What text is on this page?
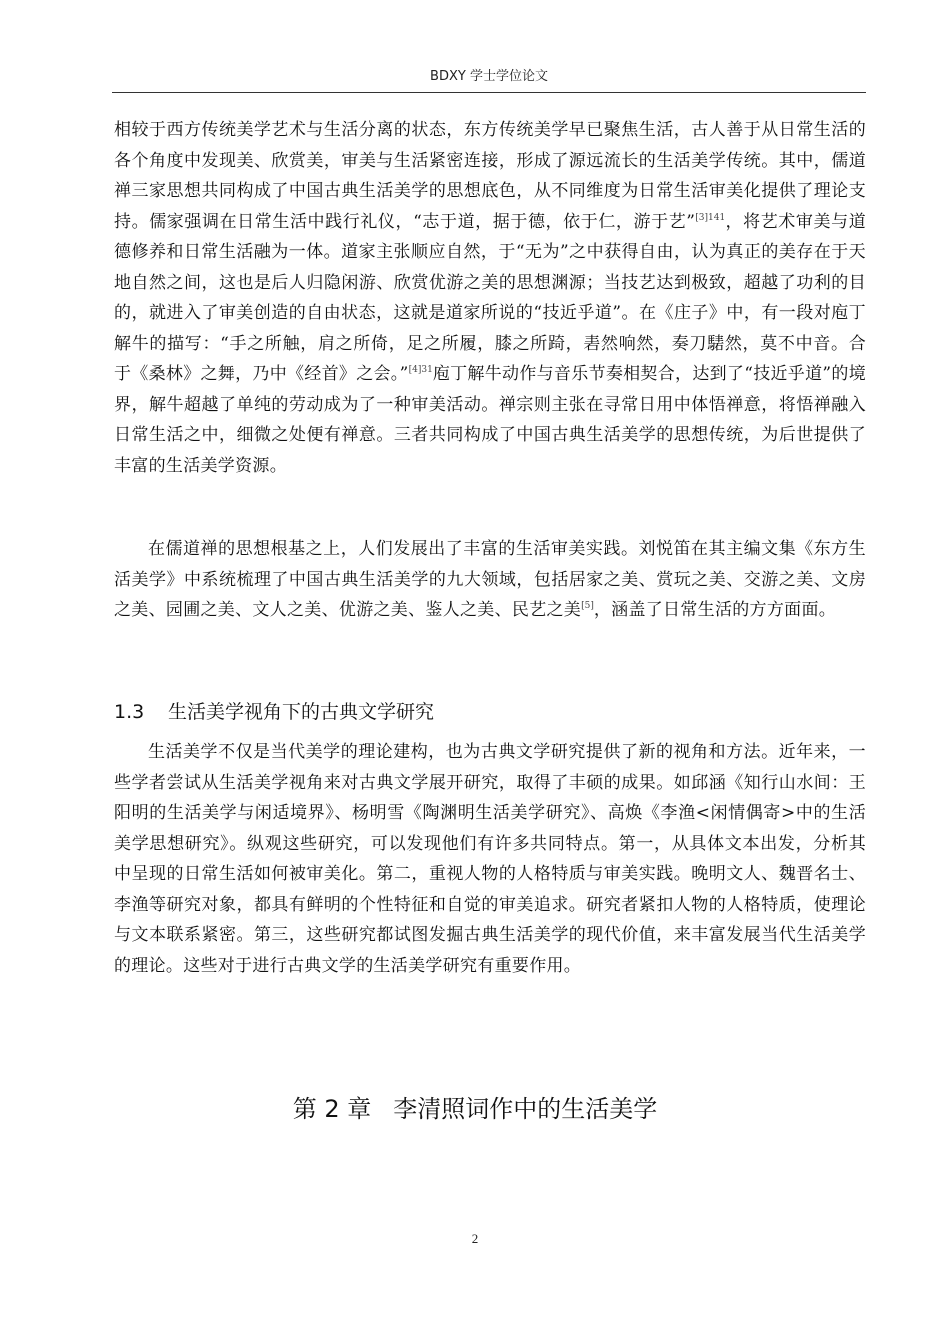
BDXY 学士学位论文

相较于西方传统美学艺术与生活分离的状态，东方传统美学早已聚焦生活，古人善于从日常生活的各个角度中发现美、欣赏美，审美与生活紧密连接，形成了源远流长的生活美学传统。其中，儒道禅三家思想共同构成了中国古典生活美学的思想底色，从不同维度为日常生活审美化提供了理论支持。儒家强调在日常生活中践行礼仪，“志于道，据于德，依于仁，游于艺”$^{[3]141}$，将艺术审美与道德修养和日常生活融为一体。道家主张顺应自然，于“无为”之中获得自由，认为真正的美存在于天地自然之间，这也是后人归隐闲游、欣赏优游之美的思想渊源；当技艺达到极致，超越了功利的目的，就进入了审美创造的自由状态，这就是道家所说的“技近乎道”。在《庄子》中，有一段对庖丁解牛的描写：“手之所触，肩之所倚，足之所履，膝之所踦，砉然响然，奏刀騞然，莫不中音。合于《桑林》之舞，乃中《经首》之会。”$^{[4]31}$庖丁解牛动作与音乐节奏相契合，达到了“技近乎道”的境界，解牛超越了单纯的劳动成为了一种审美活动。禅宗则主张在寻常日用中体悟禅意，将悟禅融入日常生活之中，细微之处便有禅意。三者共同构成了中国古典生活美学的思想传统，为后世提供了丰富的生活美学资源。

在儒道禅的思想根基之上，人们发展出了丰富的生活审美实践。刘悦笛在其主编文集《东方生活美学》中系统梳理了中国古典生活美学的九大领域，包括居家之美、赏玩之美、交游之美、文房之美、园圃之美、文人之美、优游之美、鉴人之美、民艺之美[5]，涵盖了日常生活的方方面面。

1.3 生活美学视角下的古典文学研究

生活美学不仅是当代美学的理论建构，也为古典文学研究提供了新的视角和方法。近年来，一些学者尝试从生活美学视角来对古典文学展开研究，取得了丰硕的成果。如邱涵《知行山水间：王阳明的生活美学与闲适境界》、杨明雪《陶渊明生活美学研究》、高焕《李渔<闲情偶寄>中的生活美学思想研究》。纵观这些研究，可以发现他们有许多共同特点。第一，从具体文本出发，分析其中呈现的日常生活如何被审美化。第二，重视人物的人格特质与审美实践。晚明文人、魏晋名士、李渔等研究对象，都具有鲜明的个性特征和自觉的审美追求。研究者紧扣人物的人格特质，使理论与文本联系紧密。第三，这些研究都试图发掘古典生活美学的现代价值，来丰富发展当代生活美学的理论。这些对于进行古典文学的生活美学研究有重要作用。

第 2 章 李清照词作中的生活美学
2
